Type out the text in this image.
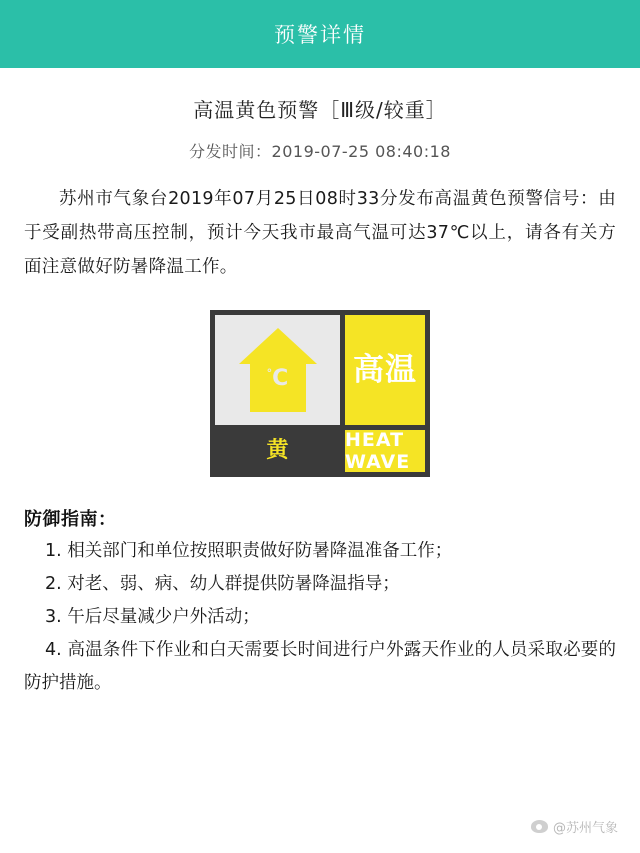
预警详情
高温黄色预警［Ⅲ级/较重］
分发时间：2019-07-25 08:40:18
苏州市气象台2019年07月25日08时33分发布高温黄色预警信号：由于受副热带高压控制，预计今天我市最高气温可达37℃以上，请各有关方面注意做好防暑降温工作。
°C	高温
黄	HEAT WAVE
防御指南：
1. 相关部门和单位按照职责做好防暑降温准备工作；
2. 对老、弱、病、幼人群提供防暑降温指导；
3. 午后尽量减少户外活动；
4. 高温条件下作业和白天需要长时间进行户外露天作业的人员采取必要的防护措施。
@苏州气象
